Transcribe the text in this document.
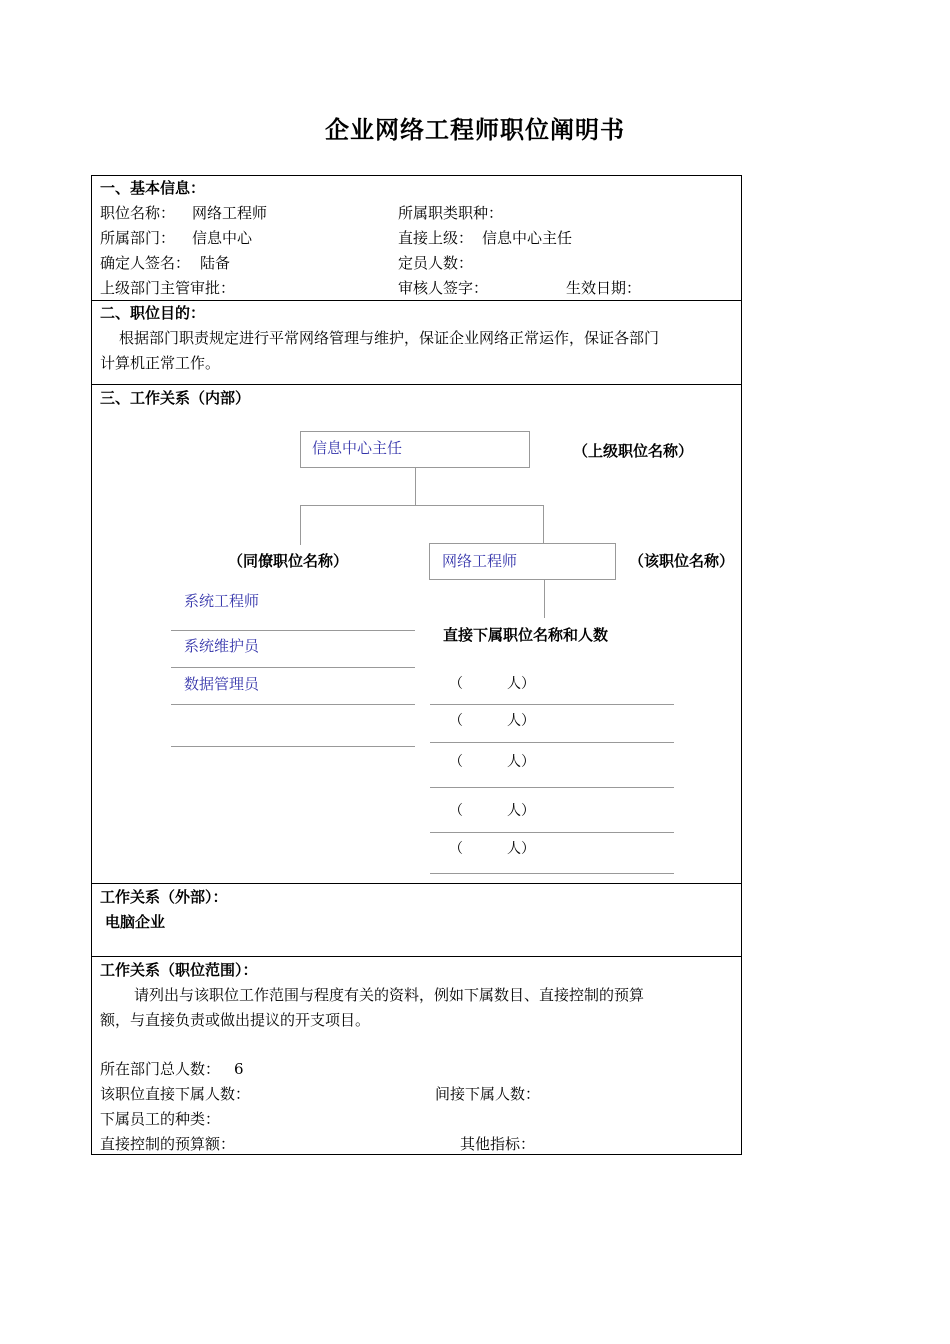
企业网络工程师职位阐明书
一、基本信息：
职位名称： 网络工程师	所属职类职种：
所属部门： 信息中心	直接上级： 信息中心主任
确定人签名： 陆备	定员人数：
上级部门主管审批：	审核人签字：	生效日期：
二、职位目的：
根据部门职责规定进行平常网络管理与维护，保证企业网络正常运作，保证各部门
计算机正常工作。
三、工作关系（内部）
信息中心主任	（上级职位名称）
（同僚职位名称）	网络工程师	（该职位名称）
系统工程师
系统维护员
数据管理员
直接下属职位名称和人数
（	人）
（	人）
（	人）
（	人）
（	人）
工作关系（外部）：
电脑企业
工作关系（职位范围）：
请列出与该职位工作范围与程度有关的资料，例如下属数目、直接控制的预算
额，与直接负责或做出提议的开支项目。
所在部门总人数： 6
该职位直接下属人数：	间接下属人数：
下属员工的种类：
直接控制的预算额：	其他指标：
